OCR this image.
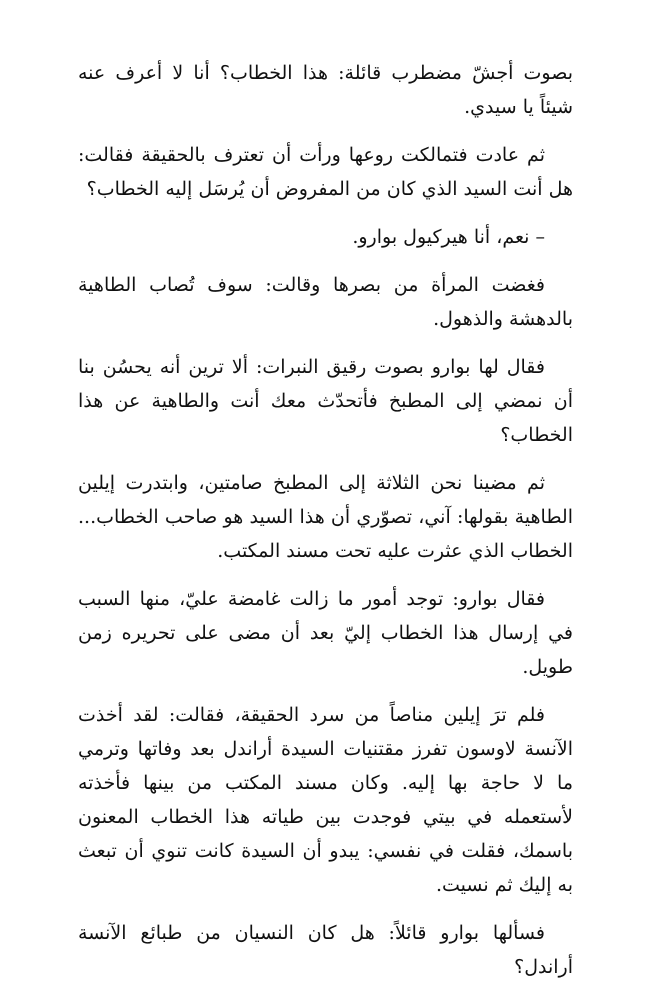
بصوت أجشّ مضطرب قائلة: هذا الخطاب؟ أنا لا أعرف عنه شيئاً يا سيدي.

ثم عادت فتمالكت روعها ورأت أن تعترف بالحقيقة فقالت: هل أنت السيد الذي كان من المفروض أن يُرسَل إليه الخطاب؟

– نعم، أنا هيركيول بوارو.

فغضت المرأة من بصرها وقالت: سوف تُصاب الطاهية بالدهشة والذهول.

فقال لها بوارو بصوت رقيق النبرات: ألا ترين أنه يحسُن بنا أن نمضي إلى المطبخ فأتحدّث معك أنت والطاهية عن هذا الخطاب؟

ثم مضينا نحن الثلاثة إلى المطبخ صامتين، وابتدرت إيلين الطاهية بقولها: آني، تصوّري أن هذا السيد هو صاحب الخطاب... الخطاب الذي عثرت عليه تحت مسند المكتب.

فقال بوارو: توجد أمور ما زالت غامضة عليّ، منها السبب في إرسال هذا الخطاب إليّ بعد أن مضى على تحريره زمن طويل.

فلم ترَ إيلين مناصاً من سرد الحقيقة، فقالت: لقد أخذت الآنسة لاوسون تفرز مقتنيات السيدة أراندل بعد وفاتها وترمي ما لا حاجة بها إليه. وكان مسند المكتب من بينها فأخذته لأستعمله في بيتي فوجدت بين طياته هذا الخطاب المعنون باسمك، فقلت في نفسي: يبدو أن السيدة كانت تنوي أن تبعث به إليك ثم نسيت.

فسألها بوارو قائلاً: هل كان النسيان من طبائع الآنسة أراندل؟
